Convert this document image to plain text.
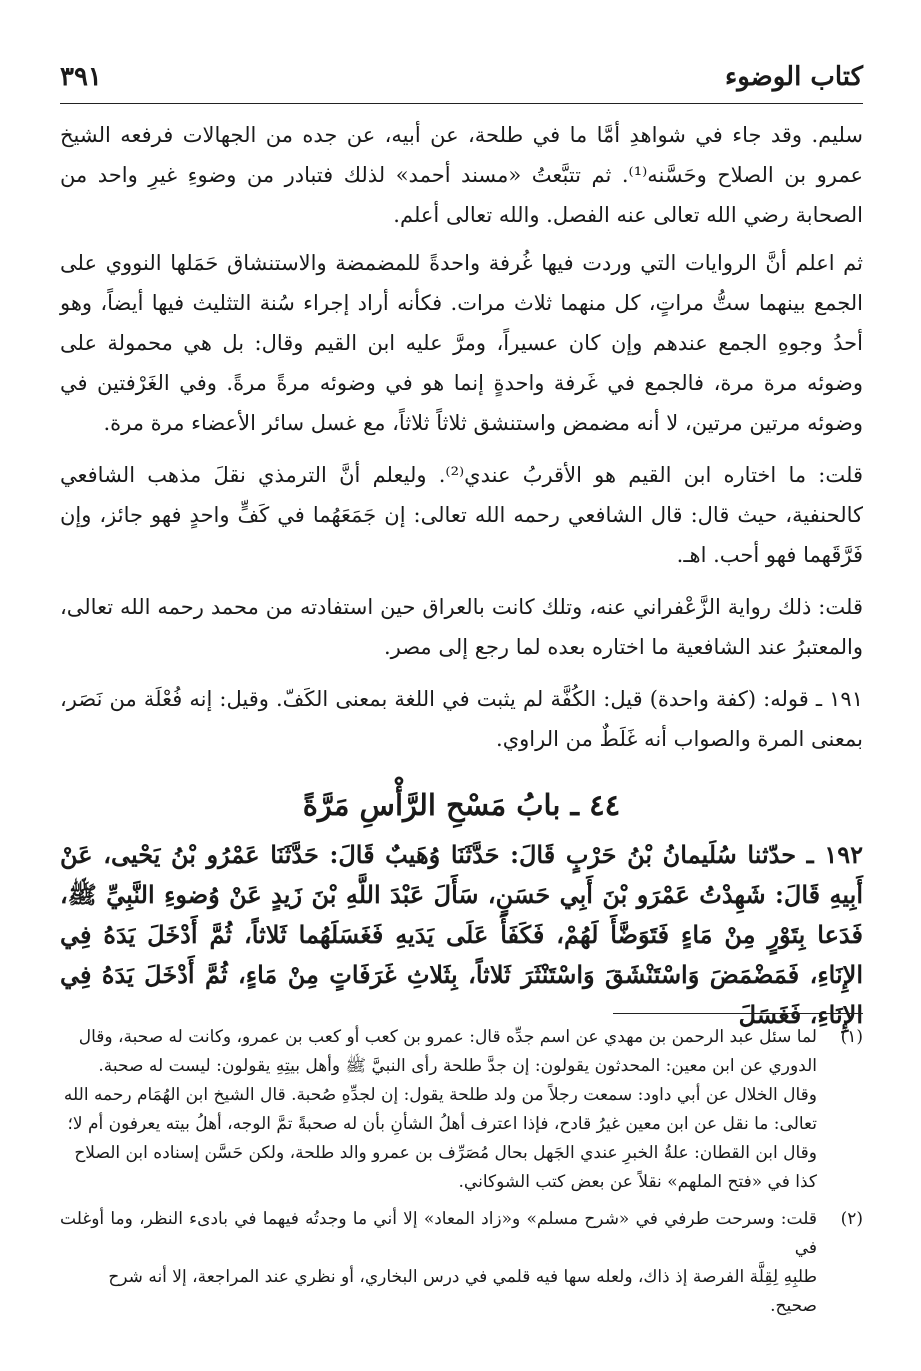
كتاب الوضوء
٣٩١

سليم. وقد جاء في شواهدِ أمَّا ما في طلحة، عن أبيه، عن جده من الجهالات فرفعه الشيخ عمرو بن الصلاح وحَسَّنه⁽¹⁾. ثم تتبَّعتُ «مسند أحمد» لذلك فتبادر من وضوءِ غيرِ واحد من الصحابة رضي الله تعالى عنه الفصل. والله تعالى أعلم.

ثم اعلم أنَّ الروايات التي وردت فيها غُرفة واحدةً للمضمضة والاستنشاق حَمَلها النووي على الجمع بينهما ستُّ مراتٍ، كل منهما ثلاث مرات. فكأنه أراد إجراء سُنة التثليث فيها أيضاً، وهو أحدُ وجوهِ الجمع عندهم وإن كان عسيراً، ومرَّ عليه ابن القيم وقال: بل هي محمولة على وضوئه مرة مرة، فالجمع في غَرفة واحدةٍ إنما هو في وضوئه مرةً مرةً. وفي الغَرْفتين في وضوئه مرتين مرتين، لا أنه مضمض واستنشق ثلاثاً ثلاثاً، مع غسل سائر الأعضاء مرة مرة.

قلت: ما اختاره ابن القيم هو الأقربُ عندي⁽²⁾. وليعلم أنَّ الترمذي نقلَ مذهب الشافعي كالحنفية، حيث قال: قال الشافعي رحمه الله تعالى: إن جَمَعَهُما في كَفٍّ واحدٍ فهو جائز، وإن فَرَّقَهما فهو أحب. اهـ.

قلت: ذلك رواية الزَّعْفراني عنه، وتلك كانت بالعراق حين استفادته من محمد رحمه الله تعالى، والمعتبرُ عند الشافعية ما اختاره بعده لما رجع إلى مصر.

١٩١ ـ قوله: (كفة واحدة) قيل: الكُفَّة لم يثبت في اللغة بمعنى الكَفّ. وقيل: إنه فُعْلَة من نَصَر، بمعنى المرة والصواب أنه غَلَطٌ من الراوي.

٤٤ ـ بابُ مَسْحِ الرَّأْسِ مَرَّةً

١٩٢ ـ حدّثنا سُلَيمانُ بْنُ حَرْبٍ قَالَ: حَدَّثَنَا وُهَيبٌ قَالَ: حَدَّثَنَا عَمْرُو بْنُ يَحْيى، عَنْ أَبِيهِ قَالَ: شَهِدْتُ عَمْرَو بْنَ أَبِي حَسَنٍ، سَأَلَ عَبْدَ اللَّهِ بْنَ زَيدٍ عَنْ وُضوءِ النَّبِيِّ ﷺ، فَدَعا بِتَوْرٍ مِنْ مَاءٍ فَتَوَضَّأَ لَهُمْ، فَكَفَأَ عَلَى يَدَيهِ فَغَسَلَهُما ثَلاثاً، ثُمَّ أَدْخَلَ يَدَهُ فِي الإِنَاءِ، فَمَضْمَضَ وَاسْتَنْشَقَ وَاسْتَنْثَرَ ثَلاثاً، بِثَلاثِ غَرَفَاتٍ مِنْ مَاءٍ، ثُمَّ أَدْخَلَ يَدَهُ فِي الإِنَاءِ، فَغَسَلَ

(١)
لما سئل عبد الرحمن بن مهدي عن اسم جدِّه قال: عمرو بن كعب أو كعب بن عمرو، وكانت له صحبة، وقال
الدوري عن ابن معين: المحدثون يقولون: إن جدَّ طلحة رأى النبيَّ ﷺ وأهل بيتِهِ يقولون: ليست له صحبة.
وقال الخلال عن أبي داود: سمعت رجلاً من ولد طلحة يقول: إن لجدِّهِ صُحبة. قال الشيخ ابن الهُمَام رحمه الله
تعالى: ما نقل عن ابن معين غيرُ قادح، فإذا اعترف أهلُ الشأنِ بأن له صحبةً تمَّ الوجه، أهلُ بيته يعرفون أم لا؛
وقال ابن القطان: علةُ الخبرِ عندي الجَهل بحال مُصَرِّف بن عمرو والد طلحة، ولكن حَسَّن إسناده ابن الصلاح
كذا في «فتح الملهم» نقلاً عن بعض كتب الشوكاني.
(٢)
قلت: وسرحت طرفي في «شرح مسلم» و«زاد المعاد» إلا أني ما وجدتُه فيهما في بادىء النظر، وما أوغلت في
طلبِهِ لِقِلَّة الفرصة إذ ذاك، ولعله سها فيه قلمي في درس البخاري، أو نظري عند المراجعة، إلا أنه شرح
صحيح.
